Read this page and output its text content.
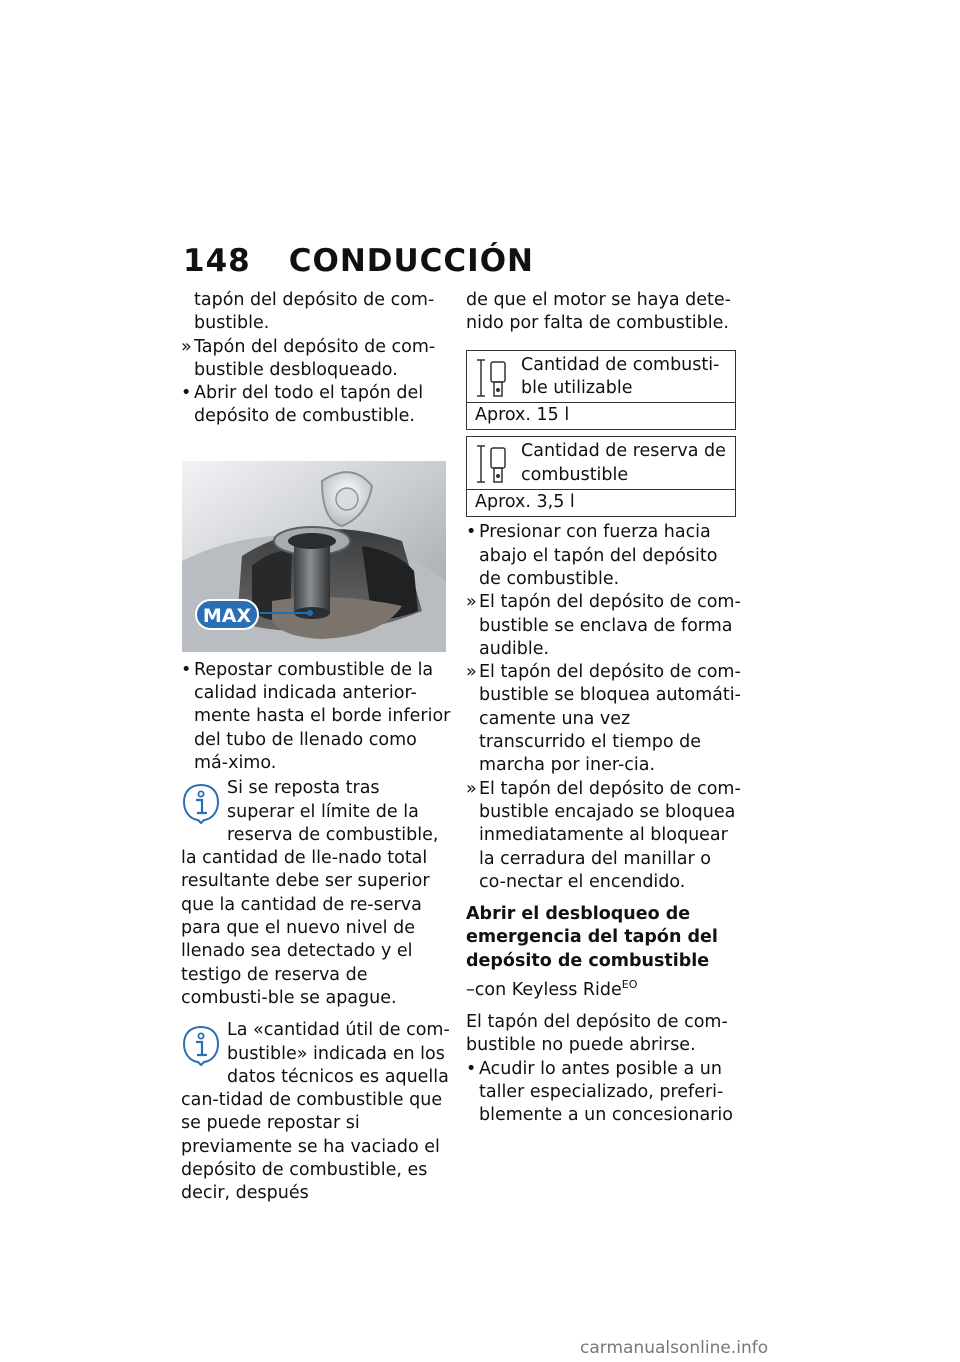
148 CONDUCCIÓN
tapón del depósito de com-bustible.
» Tapón del depósito de com-bustible desbloqueado.
• Abrir del todo el tapón del depósito de combustible.
MAX
• Repostar combustible de la calidad indicada anterior-mente hasta el borde inferior del tubo de llenado como má-ximo.
Si se reposta tras superar el límite de la reserva de combustible, la cantidad de lle-nado total resultante debe ser superior que la cantidad de re-serva para que el nuevo nivel de llenado sea detectado y el testigo de reserva de combusti-ble se apague.
La «cantidad útil de com-bustible» indicada en los datos técnicos es aquella can-tidad de combustible que se puede repostar si previamente se ha vaciado el depósito de combustible, es decir, después
de que el motor se haya dete-nido por falta de combustible.
Cantidad de combusti-ble utilizable
Aprox. 15 l
Cantidad de reserva de combustible
Aprox. 3,5 l
• Presionar con fuerza hacia abajo el tapón del depósito de combustible.
» El tapón del depósito de com-bustible se enclava de forma audible.
» El tapón del depósito de com-bustible se bloquea automáti-camente una vez transcurrido el tiempo de marcha por iner-cia.
» El tapón del depósito de com-bustible encajado se bloquea inmediatamente al bloquear la cerradura del manillar o co-nectar el encendido.
Abrir el desbloqueo de emergencia del tapón del depósito de combustible
–con Keyless Ride$^{EO}$
El tapón del depósito de com-bustible no puede abrirse.
• Acudir lo antes posible a un taller especializado, preferi-blemente a un concesionario
carmanualsonline.info
